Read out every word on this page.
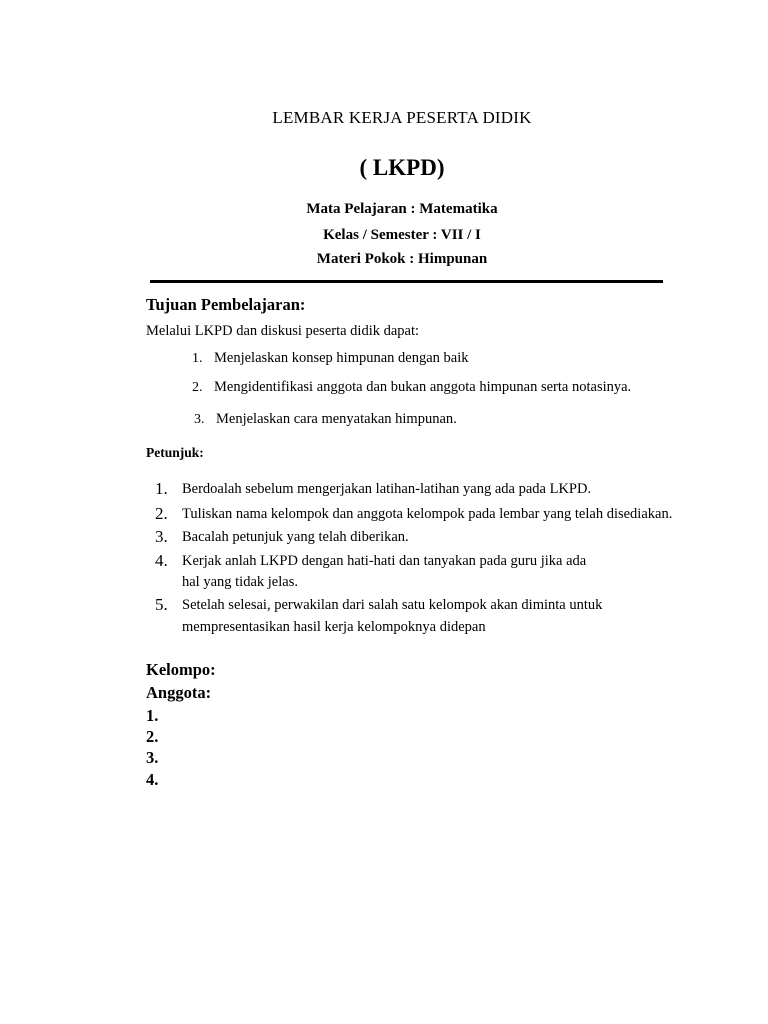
LEMBAR KERJA PESERTA DIDIK
( LKPD)
Mata Pelajaran : Matematika
Kelas / Semester : VII / I
Materi Pokok : Himpunan
Tujuan Pembelajaran:
Melalui LKPD dan diskusi peserta didik dapat:
1. Menjelaskan konsep himpunan dengan baik
2. Mengidentifikasi anggota dan bukan anggota himpunan serta notasinya.
3. Menjelaskan cara menyatakan himpunan.
Petunjuk:
1. Berdoalah sebelum mengerjakan latihan-latihan yang ada pada LKPD.
2. Tuliskan nama kelompok dan anggota kelompok pada lembar yang telah disediakan.
3. Bacalah petunjuk yang telah diberikan.
4. Kerjak anlah LKPD dengan hati-hati dan tanyakan pada guru jika ada
hal yang tidak jelas.
5. Setelah selesai, perwakilan dari salah satu kelompok akan diminta untuk
mempresentasikan hasil kerja kelompoknya didepan
Kelompo:
Anggota:
1.
2.
3.
4.
